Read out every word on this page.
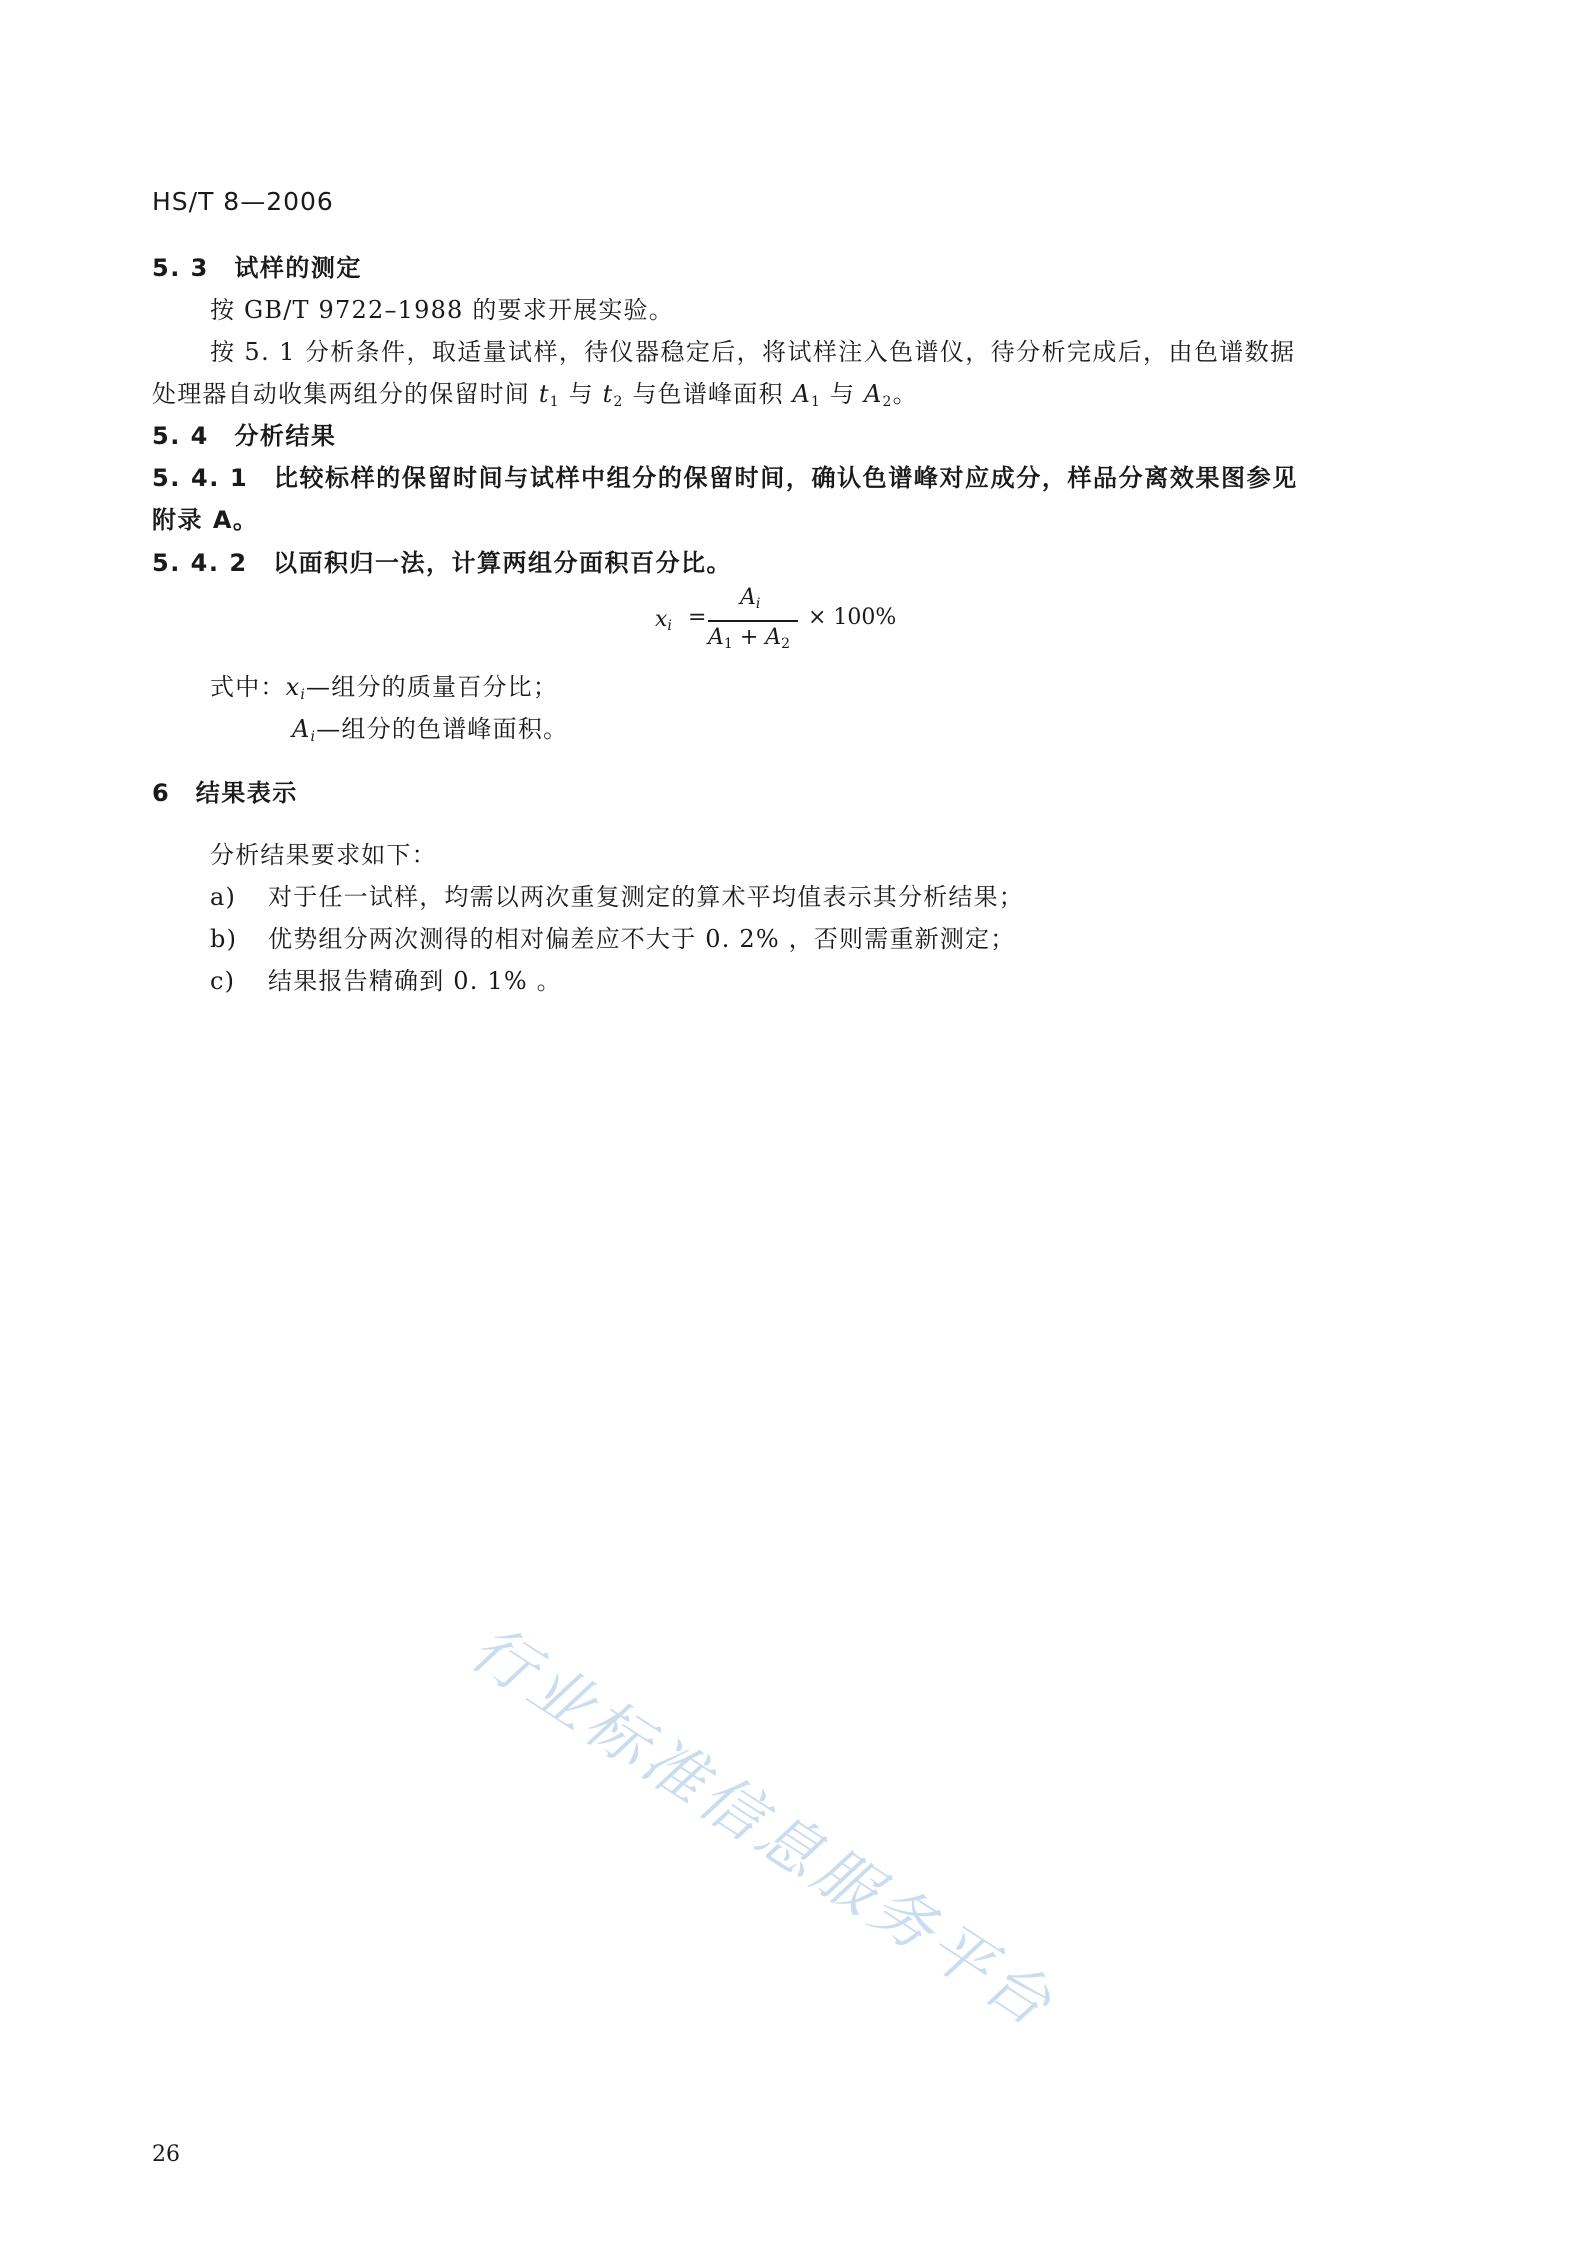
HS/T 8—2006
5. 3　试样的测定
按 GB/T 9722–1988 的要求开展实验。
按 5. 1 分析条件，取适量试样，待仪器稳定后，将试样注入色谱仪，待分析完成后，由色谱数据
处理器自动收集两组分的保留时间 $t_1$ 与 $t_2$ 与色谱峰面积 $A_1$ 与 $A_2$。
5. 4　分析结果
5. 4. 1　比较标样的保留时间与试样中组分的保留时间，确认色谱峰对应成分，样品分离效果图参见
附录 A。
5. 4. 2　以面积归一法，计算两组分面积百分比。
$x_i$ =
$A_i$
$A_1 + A_2$
× 100%
式中：$x_i—$组分的质量百分比；
$A_i—$组分的色谱峰面积。
6　结果表示
分析结果要求如下：
a) 对于任一试样，均需以两次重复测定的算术平均值表示其分析结果；
b) 优势组分两次测得的相对偏差应不大于 0. 2% ，否则需重新测定；
c) 结果报告精确到 0. 1% 。
行业标准信息服务平台
26
